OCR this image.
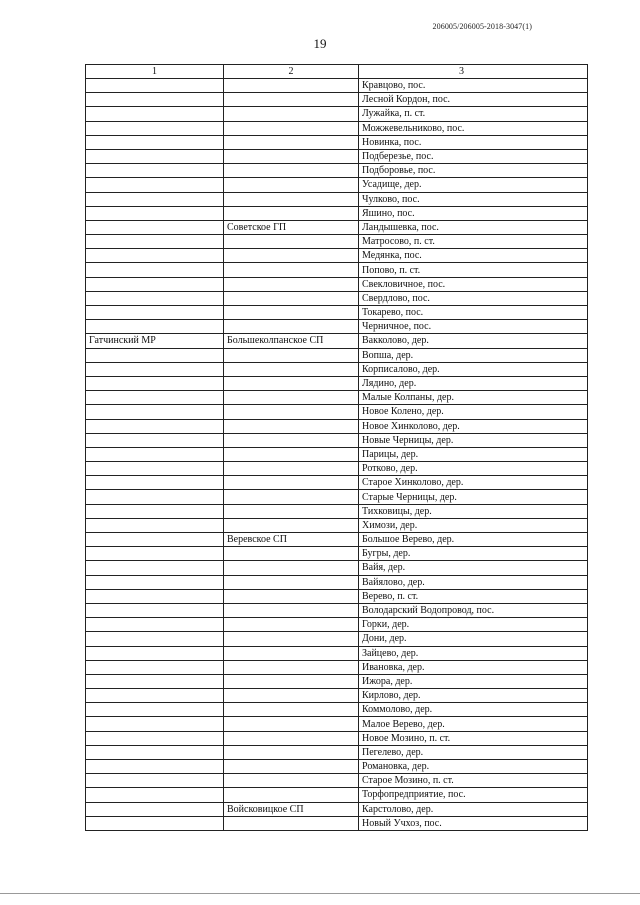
206005/206005-2018-3047(1)
19
1	2	3
		Кравцово, пос.
		Лесной Кордон, пос.
		Лужайка, п. ст.
		Можжевельниково, пос.
		Новинка, пос.
		Подберезье, пос.
		Подборовье, пос.
		Усадище, дер.
		Чулково, пос.
		Яшино, пос.
	Советское ГП	Ландышевка, пос.
		Матросово, п. ст.
		Медянка, пос.
		Попово, п. ст.
		Свекловичное, пос.
		Свердлово, пос.
		Токарево, пос.
		Черничное, пос.
Гатчинский МР	Большеколпанское СП	Вакколово, дер.
		Вопша, дер.
		Корписалово, дер.
		Лядино, дер.
		Малые Колпаны, дер.
		Новое Колено, дер.
		Новое Хинколово, дер.
		Новые Черницы, дер.
		Парицы, дер.
		Ротково, дер.
		Старое Хинколово, дер.
		Старые Черницы, дер.
		Тихковицы, дер.
		Химози, дер.
	Веревское СП	Большое Верево, дер.
		Бугры, дер.
		Вайя, дер.
		Вайялово, дер.
		Верево, п. ст.
		Володарский Водопровод, пос.
		Горки, дер.
		Дони, дер.
		Зайцево, дер.
		Ивановка, дер.
		Ижора, дер.
		Кирлово, дер.
		Коммолово, дер.
		Малое Верево, дер.
		Новое Мозино, п. ст.
		Пегелево, дер.
		Романовка, дер.
		Старое Мозино, п. ст.
		Торфопредприятие, пос.
	Войсковицкое СП	Карстолово, дер.
		Новый Учхоз, пос.
